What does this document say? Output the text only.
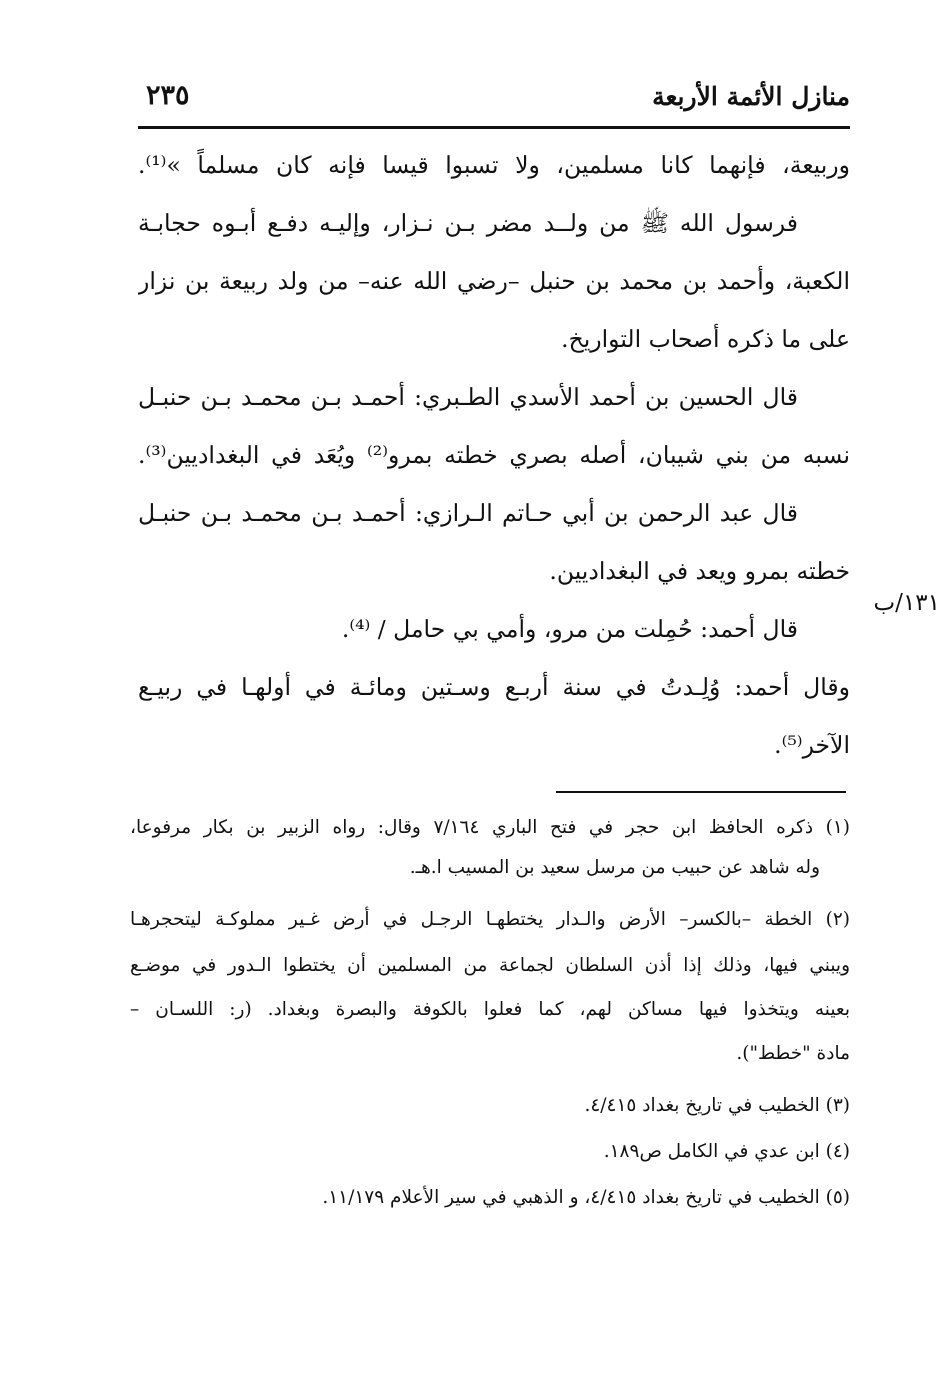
منازل الأئمة الأربعة
٢٣٥
وربيعة، فإنهما كانا مسلمين، ولا تسبوا قيسا فإنه كان مسلماً »⁽¹⁾.
فرسول الله ﷺ من ولــد مضر بـن نـزار، وإليـه دفـع أبـوه حجابـة
الكعبة، وأحمد بن محمد بن حنبل –رضي الله عنه– من ولد ربيعة بن نزار
على ما ذكره أصحاب التواريخ.
قال الحسين بن أحمد الأسدي الطـبري: أحمـد بـن محمـد بـن حنبـل
نسبه من بني شيبان، أصله بصري خطته بمرو⁽²⁾ ويُعَد في البغداديين⁽³⁾.
قال عبد الرحمن بن أبي حـاتم الـرازي: أحمـد بـن محمـد بـن حنبـل
خطته بمرو ويعد في البغداديين.
قال أحمد: حُمِلت من مرو، وأمي بي حامل / ⁽⁴⁾.
وقال أحمد: وُلِـدتُ في سنة أربـع وسـتين ومائـة في أولهـا في ربيـع
الآخر⁽⁵⁾.
١٣١/ب
(١) ذكره الحافظ ابن حجر في فتح الباري ٧/١٦٤ وقال: رواه الزبير بن بكار مرفوعا،
وله شاهد عن حبيب من مرسل سعيد بن المسيب ا.هـ.
(٢) الخطة –بالكسر– الأرض والـدار يختطهـا الرجـل في أرض غـير مملوكـة ليتحجرهـا
ويبني فيها، وذلك إذا أذن السلطان لجماعة من المسلمين أن يختطوا الـدور في موضـع
بعينه ويتخذوا فيها مساكن لهم، كما فعلوا بالكوفة والبصرة وبغداد. (ر: اللسـان –
مادة "خطط").
(٣) الخطيب في تاريخ بغداد ٤/٤١٥.
(٤) ابن عدي في الكامل ص١٨٩.
(٥) الخطيب في تاريخ بغداد ٤/٤١٥، و الذهبي في سير الأعلام ١١/١٧٩.
